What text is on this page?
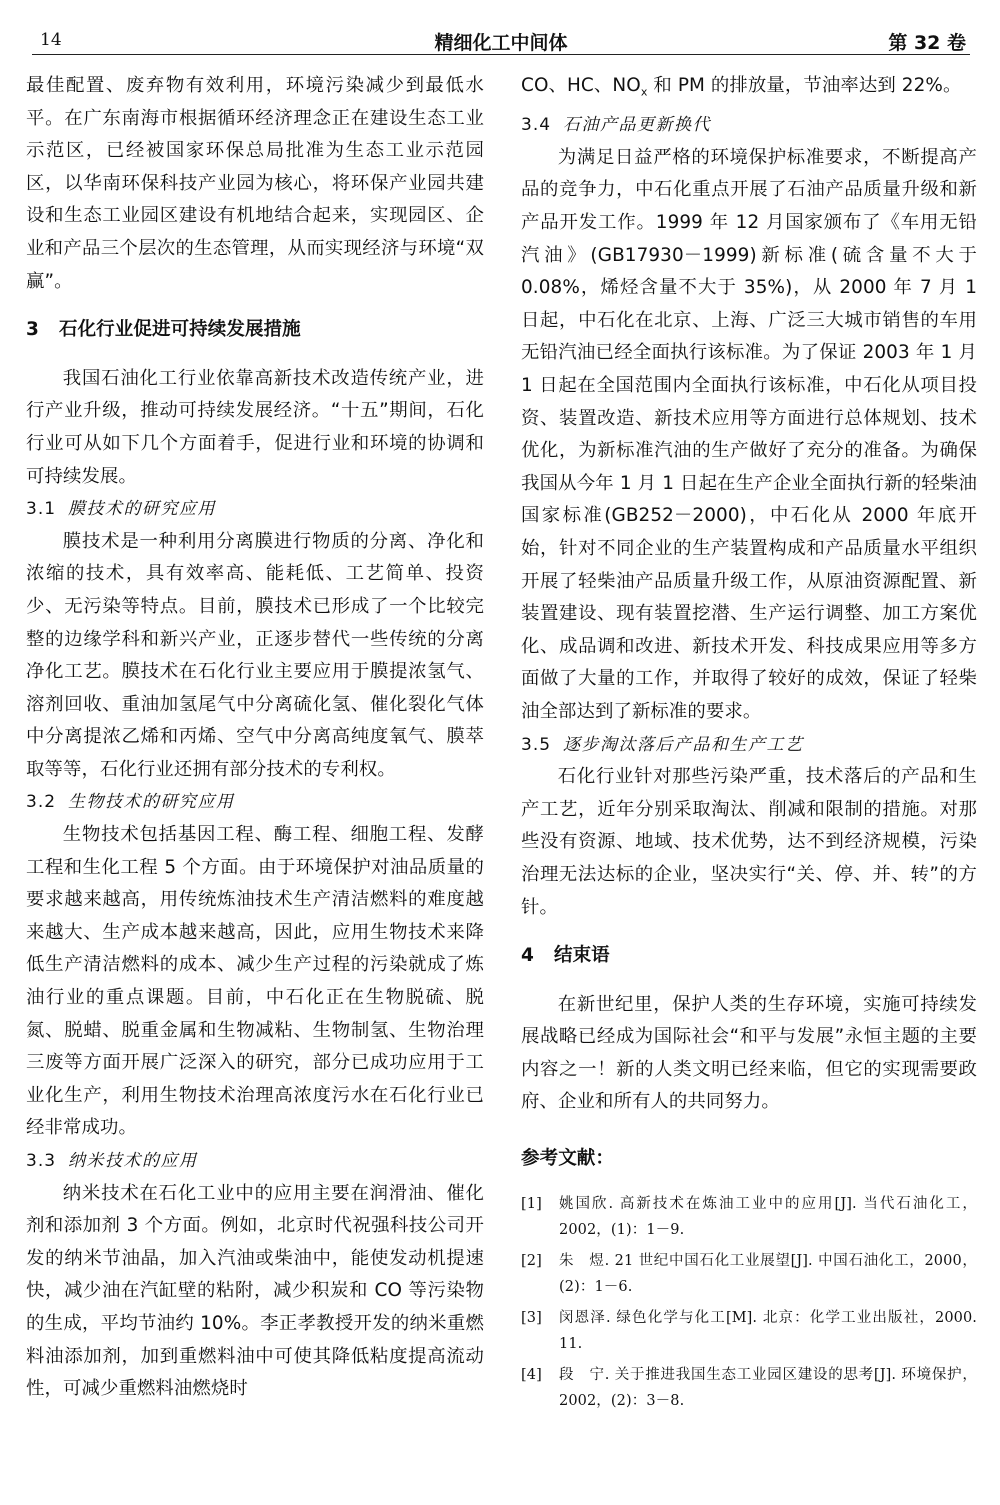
14	精细化工中间体	第 32 卷

最佳配置、废弃物有效利用，环境污染减少到最低水平。在广东南海市根据循环经济理念正在建设生态工业示范区，已经被国家环保总局批准为生态工业示范园区，以华南环保科技产业园为核心，将环保产业园共建设和生态工业园区建设有机地结合起来，实现园区、企业和产品三个层次的生态管理，从而实现经济与环境“双赢”。

3 石化行业促进可持续发展措施

我国石油化工行业依靠高新技术改造传统产业，进行产业升级，推动可持续发展经济。“十五”期间，石化行业可从如下几个方面着手，促进行业和环境的协调和可持续发展。

3.1 膜技术的研究应用

膜技术是一种利用分离膜进行物质的分离、净化和浓缩的技术，具有效率高、能耗低、工艺简单、投资少、无污染等特点。目前，膜技术已形成了一个比较完整的边缘学科和新兴产业，正逐步替代一些传统的分离净化工艺。膜技术在石化行业主要应用于膜提浓氢气、溶剂回收、重油加氢尾气中分离硫化氢、催化裂化气体中分离提浓乙烯和丙烯、空气中分离高纯度氧气、膜萃取等等，石化行业还拥有部分技术的专利权。

3.2 生物技术的研究应用

生物技术包括基因工程、酶工程、细胞工程、发酵工程和生化工程 5 个方面。由于环境保护对油品质量的要求越来越高，用传统炼油技术生产清洁燃料的难度越来越大、生产成本越来越高，因此，应用生物技术来降低生产清洁燃料的成本、减少生产过程的污染就成了炼油行业的重点课题。目前，中石化正在生物脱硫、脱氮、脱蜡、脱重金属和生物减粘、生物制氢、生物治理三废等方面开展广泛深入的研究，部分已成功应用于工业化生产，利用生物技术治理高浓度污水在石化行业已经非常成功。

3.3 纳米技术的应用

纳米技术在石化工业中的应用主要在润滑油、催化剂和添加剂 3 个方面。例如，北京时代祝强科技公司开发的纳米节油晶，加入汽油或柴油中，能使发动机提速快，减少油在汽缸壁的粘附，减少积炭和 CO 等污染物的生成，平均节油约 10%。李正孝教授开发的纳米重燃料油添加剂，加到重燃料油中可使其降低粘度提高流动性，可减少重燃料油燃烧时

CO、HC、$NO_x$ 和 PM 的排放量，节油率达到 22%。

3.4 石油产品更新换代

为满足日益严格的环境保护标准要求，不断提高产品的竞争力，中石化重点开展了石油产品质量升级和新产品开发工作。1999 年 12 月国家颁布了《车用无铅汽油》(GB17930－1999)新标准(硫含量不大于 0.08%，烯烃含量不大于 35%)，从 2000 年 7 月 1 日起，中石化在北京、上海、广泛三大城市销售的车用无铅汽油已经全面执行该标准。为了保证 2003 年 1 月 1 日起在全国范围内全面执行该标准，中石化从项目投资、装置改造、新技术应用等方面进行总体规划、技术优化，为新标准汽油的生产做好了充分的准备。为确保我国从今年 1 月 1 日起在生产企业全面执行新的轻柴油国家标准(GB252－2000)，中石化从 2000 年底开始，针对不同企业的生产装置构成和产品质量水平组织开展了轻柴油产品质量升级工作，从原油资源配置、新装置建设、现有装置挖潜、生产运行调整、加工方案优化、成品调和改进、新技术开发、科技成果应用等多方面做了大量的工作，并取得了较好的成效，保证了轻柴油全部达到了新标准的要求。

3.5 逐步淘汰落后产品和生产工艺

石化行业针对那些污染严重，技术落后的产品和生产工艺，近年分别采取淘汰、削减和限制的措施。对那些没有资源、地域、技术优势，达不到经济规模，污染治理无法达标的企业，坚决实行“关、停、并、转”的方针。

4 结束语

在新世纪里，保护人类的生存环境，实施可持续发展战略已经成为国际社会“和平与发展”永恒主题的主要内容之一！新的人类文明已经来临，但它的实现需要政府、企业和所有人的共同努力。

参考文献：

[1] 姚国欣. 高新技术在炼油工业中的应用[J]. 当代石油化工，2002，(1)：1－9.

[2] 朱　煜. 21 世纪中国石化工业展望[J]. 中国石油化工，2000，(2)：1－6.

[3] 闵恩泽. 绿色化学与化工[M]. 北京：化学工业出版社，2000. 11.

[4] 段　宁. 关于推进我国生态工业园区建设的思考[J]. 环境保护，2002，(2)：3－8.
